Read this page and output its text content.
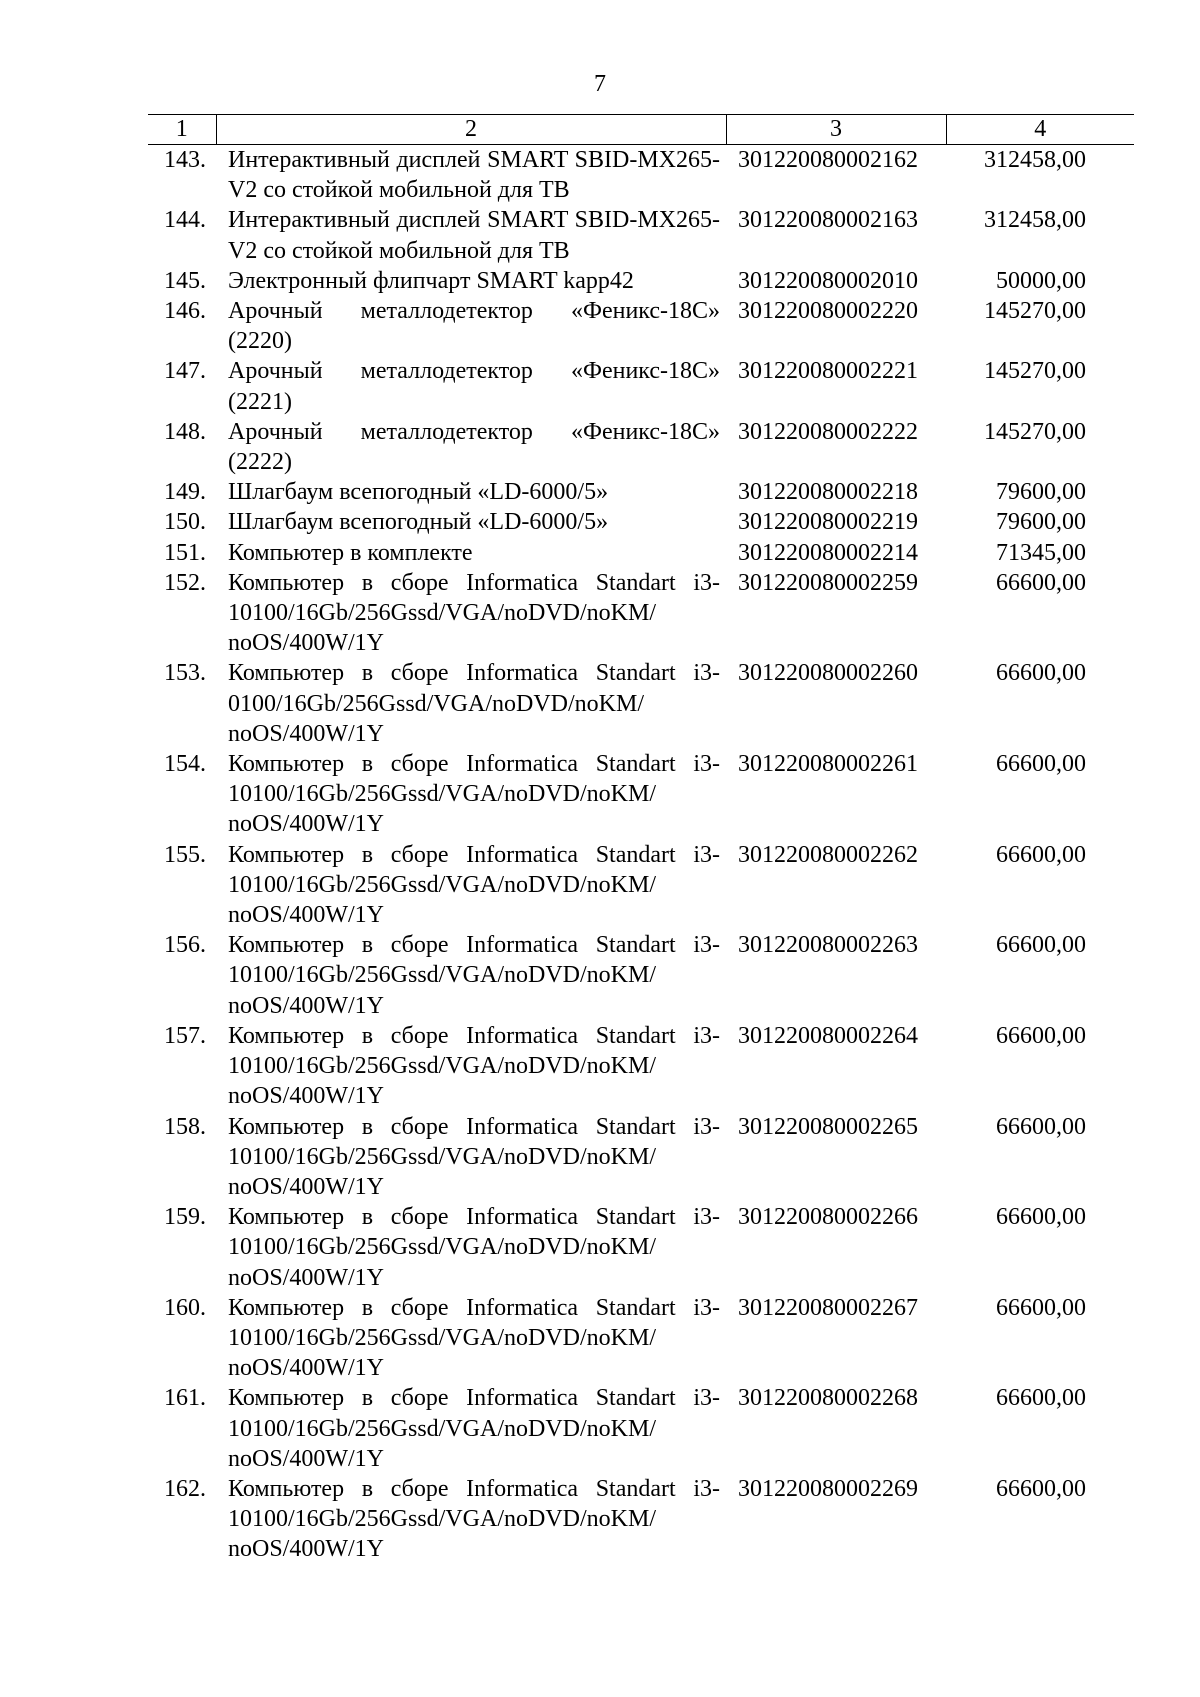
7
1	2	3	4
143.	Интерактивный дисплей SMART SBID-MX265-V2 со стойкой мобильной для ТВ	301220080002162	312458,00
144.	Интерактивный дисплей SMART SBID-MX265-V2 со стойкой мобильной для ТВ	301220080002163	312458,00
145.	Электронный флипчарт SMART kapp42	301220080002010	50000,00
146.	Арочный металлодетектор «Феникс-18С» (2220)	301220080002220	145270,00
147.	Арочный металлодетектор «Феникс-18С» (2221)	301220080002221	145270,00
148.	Арочный металлодетектор «Феникс-18С» (2222)	301220080002222	145270,00
149.	Шлагбаум всепогодный «LD-6000/5»	301220080002218	79600,00
150.	Шлагбаум всепогодный «LD-6000/5»	301220080002219	79600,00
151.	Компьютер в комплекте	301220080002214	71345,00
152.	Компьютер в сборе Informatica Standart i3-10100/16Gb/256Gssd/VGA/noDVD/noKM/ noOS/400W/1Y	301220080002259	66600,00
153.	Компьютер в сборе Informatica Standart i3-0100/16Gb/256Gssd/VGA/noDVD/noKM/ noOS/400W/1Y	301220080002260	66600,00
154.	Компьютер в сборе Informatica Standart i3-10100/16Gb/256Gssd/VGA/noDVD/noKM/ noOS/400W/1Y	301220080002261	66600,00
155.	Компьютер в сборе Informatica Standart i3-10100/16Gb/256Gssd/VGA/noDVD/noKM/ noOS/400W/1Y	301220080002262	66600,00
156.	Компьютер в сборе Informatica Standart i3-10100/16Gb/256Gssd/VGA/noDVD/noKM/ noOS/400W/1Y	301220080002263	66600,00
157.	Компьютер в сборе Informatica Standart i3-10100/16Gb/256Gssd/VGA/noDVD/noKM/ noOS/400W/1Y	301220080002264	66600,00
158.	Компьютер в сборе Informatica Standart i3-10100/16Gb/256Gssd/VGA/noDVD/noKM/ noOS/400W/1Y	301220080002265	66600,00
159.	Компьютер в сборе Informatica Standart i3-10100/16Gb/256Gssd/VGA/noDVD/noKM/ noOS/400W/1Y	301220080002266	66600,00
160.	Компьютер в сборе Informatica Standart i3-10100/16Gb/256Gssd/VGA/noDVD/noKM/ noOS/400W/1Y	301220080002267	66600,00
161.	Компьютер в сборе Informatica Standart i3-10100/16Gb/256Gssd/VGA/noDVD/noKM/ noOS/400W/1Y	301220080002268	66600,00
162.	Компьютер в сборе Informatica Standart i3-10100/16Gb/256Gssd/VGA/noDVD/noKM/ noOS/400W/1Y	301220080002269	66600,00
